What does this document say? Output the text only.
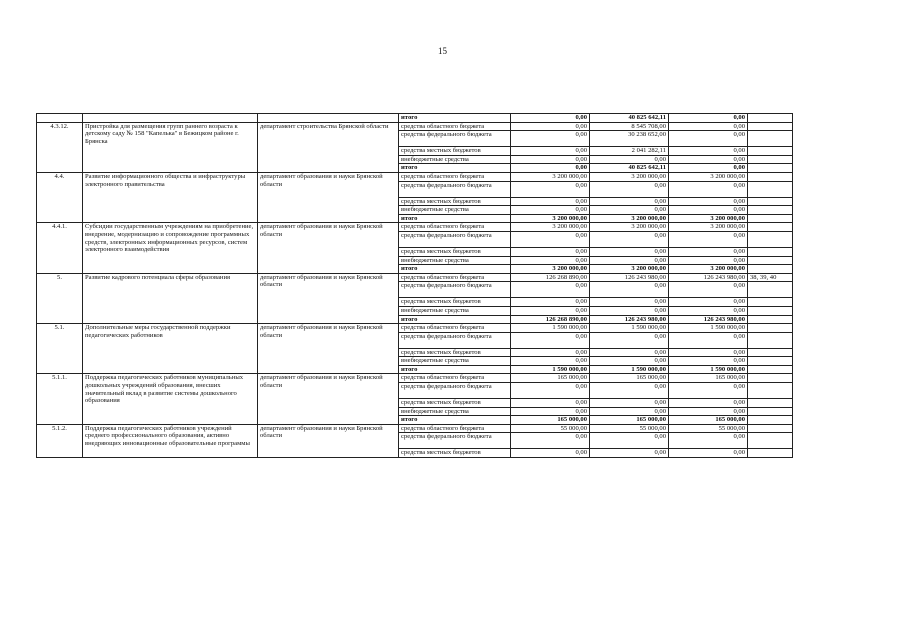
15
			итого	0,00	40 825 642,11	0,00	
4.3.12.	Пристройка для размещения групп раннего возраста к детскому саду № 158 "Капелька" в Бежицком районе г. Брянска	департамент строительства Брянской области	средства областного бюджета	0,00	8 545 708,00	0,00	
			средства федерального бюджета	0,00	30 238 652,00	0,00	
			средства местных бюджетов	0,00	2 041 282,11	0,00	
			внебюджетные средства	0,00	0,00	0,00	
			итого	0,00	40 825 642,11	0,00	
4.4.	Развитие информационного общества и инфраструктуры электронного правительства	департамент образования и науки Брянской области	средства областного бюджета	3 200 000,00	3 200 000,00	3 200 000,00	
			средства федерального бюджета	0,00	0,00	0,00	
			средства местных бюджетов	0,00	0,00	0,00	
			внебюджетные средства	0,00	0,00	0,00	
			итого	3 200 000,00	3 200 000,00	3 200 000,00	
4.4.1.	Субсидии государственным учреждениям на приобретение, внедрение, модернизацию и сопровождение программных средств, электронных информационных ресурсов, систем электронного взаимодействия	департамент образования и науки Брянской области	средства областного бюджета	3 200 000,00	3 200 000,00	3 200 000,00	
			средства федерального бюджета	0,00	0,00	0,00	
			средства местных бюджетов	0,00	0,00	0,00	
			внебюджетные средства	0,00	0,00	0,00	
			итого	3 200 000,00	3 200 000,00	3 200 000,00	
5.	Развитие кадрового потенциала сферы образования	департамент образования и науки Брянской области	средства областного бюджета	126 268 890,00	126 243 980,00	126 243 980,00	38, 39, 40
			средства федерального бюджета	0,00	0,00	0,00	
			средства местных бюджетов	0,00	0,00	0,00	
			внебюджетные средства	0,00	0,00	0,00	
			итого	126 268 890,00	126 243 980,00	126 243 980,00	
5.1.	Дополнительные меры государственной поддержки педагогических работников	департамент образования и науки Брянской области	средства областного бюджета	1 590 000,00	1 590 000,00	1 590 000,00	
			средства федерального бюджета	0,00	0,00	0,00	
			средства местных бюджетов	0,00	0,00	0,00	
			внебюджетные средства	0,00	0,00	0,00	
			итого	1 590 000,00	1 590 000,00	1 590 000,00	
5.1.1.	Поддержка педагогических работников муниципальных дошкольных учреждений образования, внесших значительный вклад в развитие системы дошкольного образования	департамент образования и науки Брянской области	средства областного бюджета	165 000,00	165 000,00	165 000,00	
			средства федерального бюджета	0,00	0,00	0,00	
			средства местных бюджетов	0,00	0,00	0,00	
			внебюджетные средства	0,00	0,00	0,00	
			итого	165 000,00	165 000,00	165 000,00	
5.1.2.	Поддержка педагогических работников учреждений среднего профессионального образования, активно внедряющих инновационные образовательные программы	департамент образования и науки Брянской области	средства областного бюджета	55 000,00	55 000,00	55 000,00	
			средства федерального бюджета	0,00	0,00	0,00	
			средства местных бюджетов	0,00	0,00	0,00	
